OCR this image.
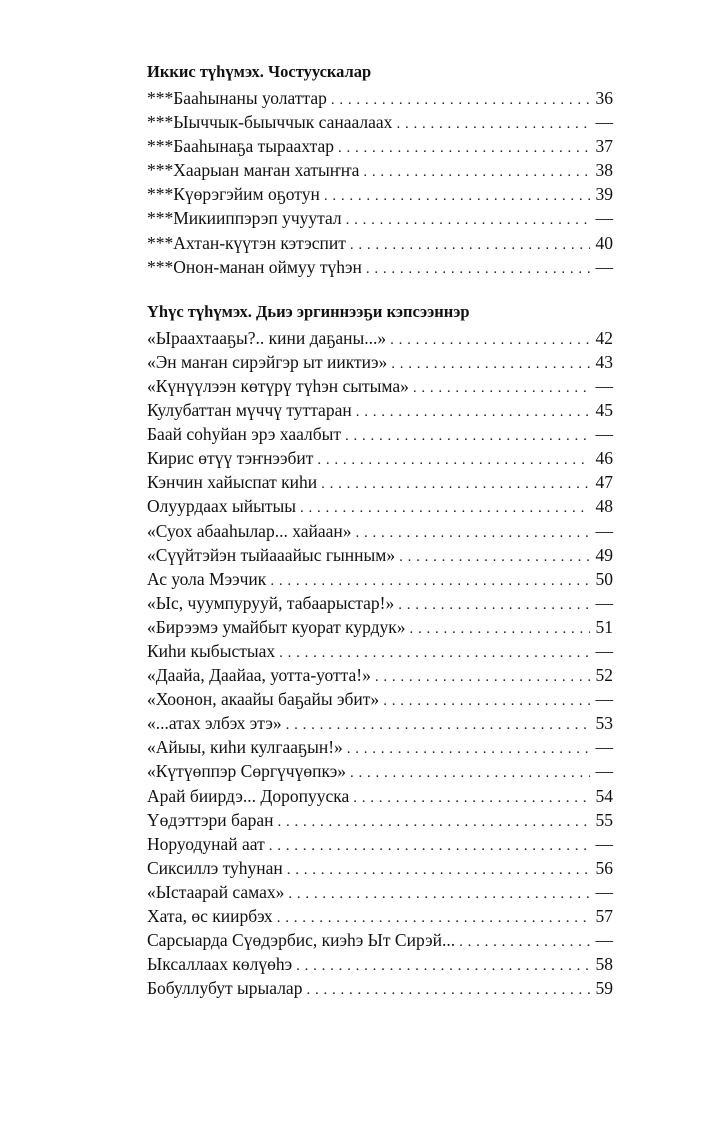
Иккис түһүмэх. Чостуускалар
***Бааһынаны уолаттар . . .	36
***Ыыччык-быыччык санаалаах . . .	—
***Бааһынаҕа тыраахтар . . .	37
***Хаарыан маҥан хатыҥҥа . . .	38
***Күөрэгэйим оҕотун . . .	39
***Микииппэрэп учуутал . . .	—
***Ахтан-күүтэн кэтэспит . . .	40
***Онон-манан оймуу түһэн . . .	—
Үһүс түһүмэх. Дьиэ эргиннээҕи кэпсээннэр
«Ыраахтааҕы?.. кини даҕаны...» . . .	42
«Эн маҥан сирэйгэр ыт ииктиэ» . . .	43
«Күнүүлээн көтүрү түһэн сытыма» . . .	—
Кулубаттан мүччү туттаран . . .	45
Баай соһуйан эрэ хаалбыт . . .	—
Кирис өтүү тэҥнээбит . . .	46
Кэнчин хайыспат киһи . . .	47
Олуурдаах ыйытыы . . .	48
«Суох абааһылар... хайаан» . . .	—
«Сүүйтэйэн тыйааайыс гынным» . . .	49
Ас уола Мээчик . . .	50
«Ыс, чуумпурууй, табаарыстар!» . . .	—
«Бирээмэ умайбыт куорат курдук» . . .	51
Киһи кыбыстыах . . .	—
«Даайа, Даайаа, уотта-уотта!» . . .	52
«Хоонон, акаайы баҕайы эбит» . . .	—
«...атах элбэх этэ» . . .	53
«Айыы, киһи кулгааҕын!» . . .	—
«Күтүөппэр Сөргүчүөпкэ» . . .	—
Арай биирдэ... Доропууска . . .	54
Үөдэттэри баран . . .	55
Норуодунай аат . . .	—
Сиксиллэ туһунан . . .	56
«Ыстаарай самах» . . .	—
Хата, өс киирбэх . . .	57
Сарсыарда Сүөдэрбис, киэһэ Ыт Сирэй... . . .	—
Ыксаллаах көлүөһэ . . .	58
Бобуллубут ырыалар . . .	59
